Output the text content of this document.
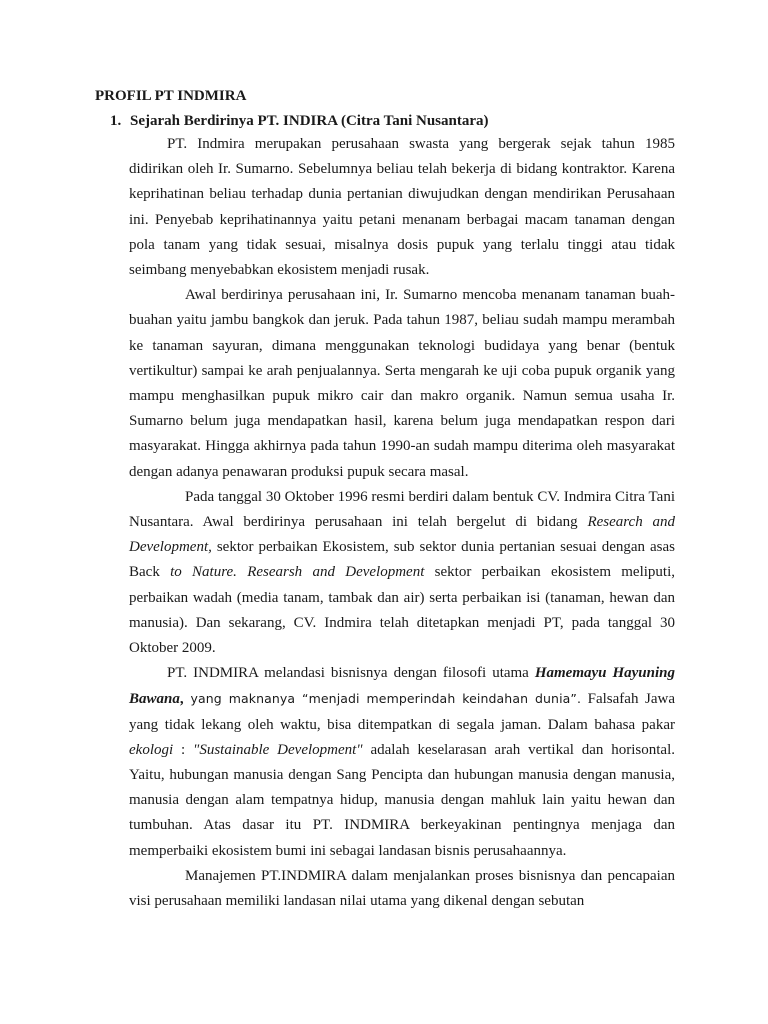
PROFIL PT INDMIRA
1. Sejarah Berdirinya PT. INDIRA (Citra Tani Nusantara)

PT. Indmira merupakan perusahaan swasta yang bergerak sejak tahun 1985 didirikan oleh Ir. Sumarno. Sebelumnya beliau telah bekerja di bidang kontraktor. Karena keprihatinan beliau terhadap dunia pertanian diwujudkan dengan mendirikan Perusahaan ini. Penyebab keprihatinannya yaitu petani menanam berbagai macam tanaman dengan pola tanam yang tidak sesuai, misalnya dosis pupuk yang terlalu tinggi atau tidak seimbang menyebabkan ekosistem menjadi rusak.

Awal berdirinya perusahaan ini, Ir. Sumarno mencoba menanam tanaman buah-buahan yaitu jambu bangkok dan jeruk. Pada tahun 1987, beliau sudah mampu merambah ke tanaman sayuran, dimana menggunakan teknologi budidaya yang benar (bentuk vertikultur) sampai ke arah penjualannya. Serta mengarah ke uji coba pupuk organik yang mampu menghasilkan pupuk mikro cair dan makro organik. Namun semua usaha Ir. Sumarno belum juga mendapatkan hasil, karena belum juga mendapatkan respon dari masyarakat. Hingga akhirnya pada tahun 1990-an sudah mampu diterima oleh masyarakat dengan adanya penawaran produksi pupuk secara masal.

Pada tanggal 30 Oktober 1996 resmi berdiri dalam bentuk CV. Indmira Citra Tani Nusantara. Awal berdirinya perusahaan ini telah bergelut di bidang Research and Development, sektor perbaikan Ekosistem, sub sektor dunia pertanian sesuai dengan asas Back to Nature. Researsh and Development sektor perbaikan ekosistem meliputi, perbaikan wadah (media tanam, tambak dan air) serta perbaikan isi (tanaman, hewan dan manusia). Dan sekarang, CV. Indmira telah ditetapkan menjadi PT, pada tanggal 30 Oktober 2009.

PT. INDMIRA melandasi bisnisnya dengan filosofi utama Hamemayu Hayuning Bawana, yang maknanya “menjadi memperindah keindahan dunia”. Falsafah Jawa yang tidak lekang oleh waktu, bisa ditempatkan di segala jaman. Dalam bahasa pakar ekologi : "Sustainable Development" adalah keselarasan arah vertikal dan horisontal. Yaitu, hubungan manusia dengan Sang Pencipta dan hubungan manusia dengan manusia, manusia dengan alam tempatnya hidup, manusia dengan mahluk lain yaitu hewan dan tumbuhan. Atas dasar itu PT. INDMIRA berkeyakinan pentingnya menjaga dan memperbaiki ekosistem bumi ini sebagai landasan bisnis perusahaannya.

Manajemen PT.INDMIRA dalam menjalankan proses bisnisnya dan pencapaian visi perusahaan memiliki landasan nilai utama yang dikenal dengan sebutan
